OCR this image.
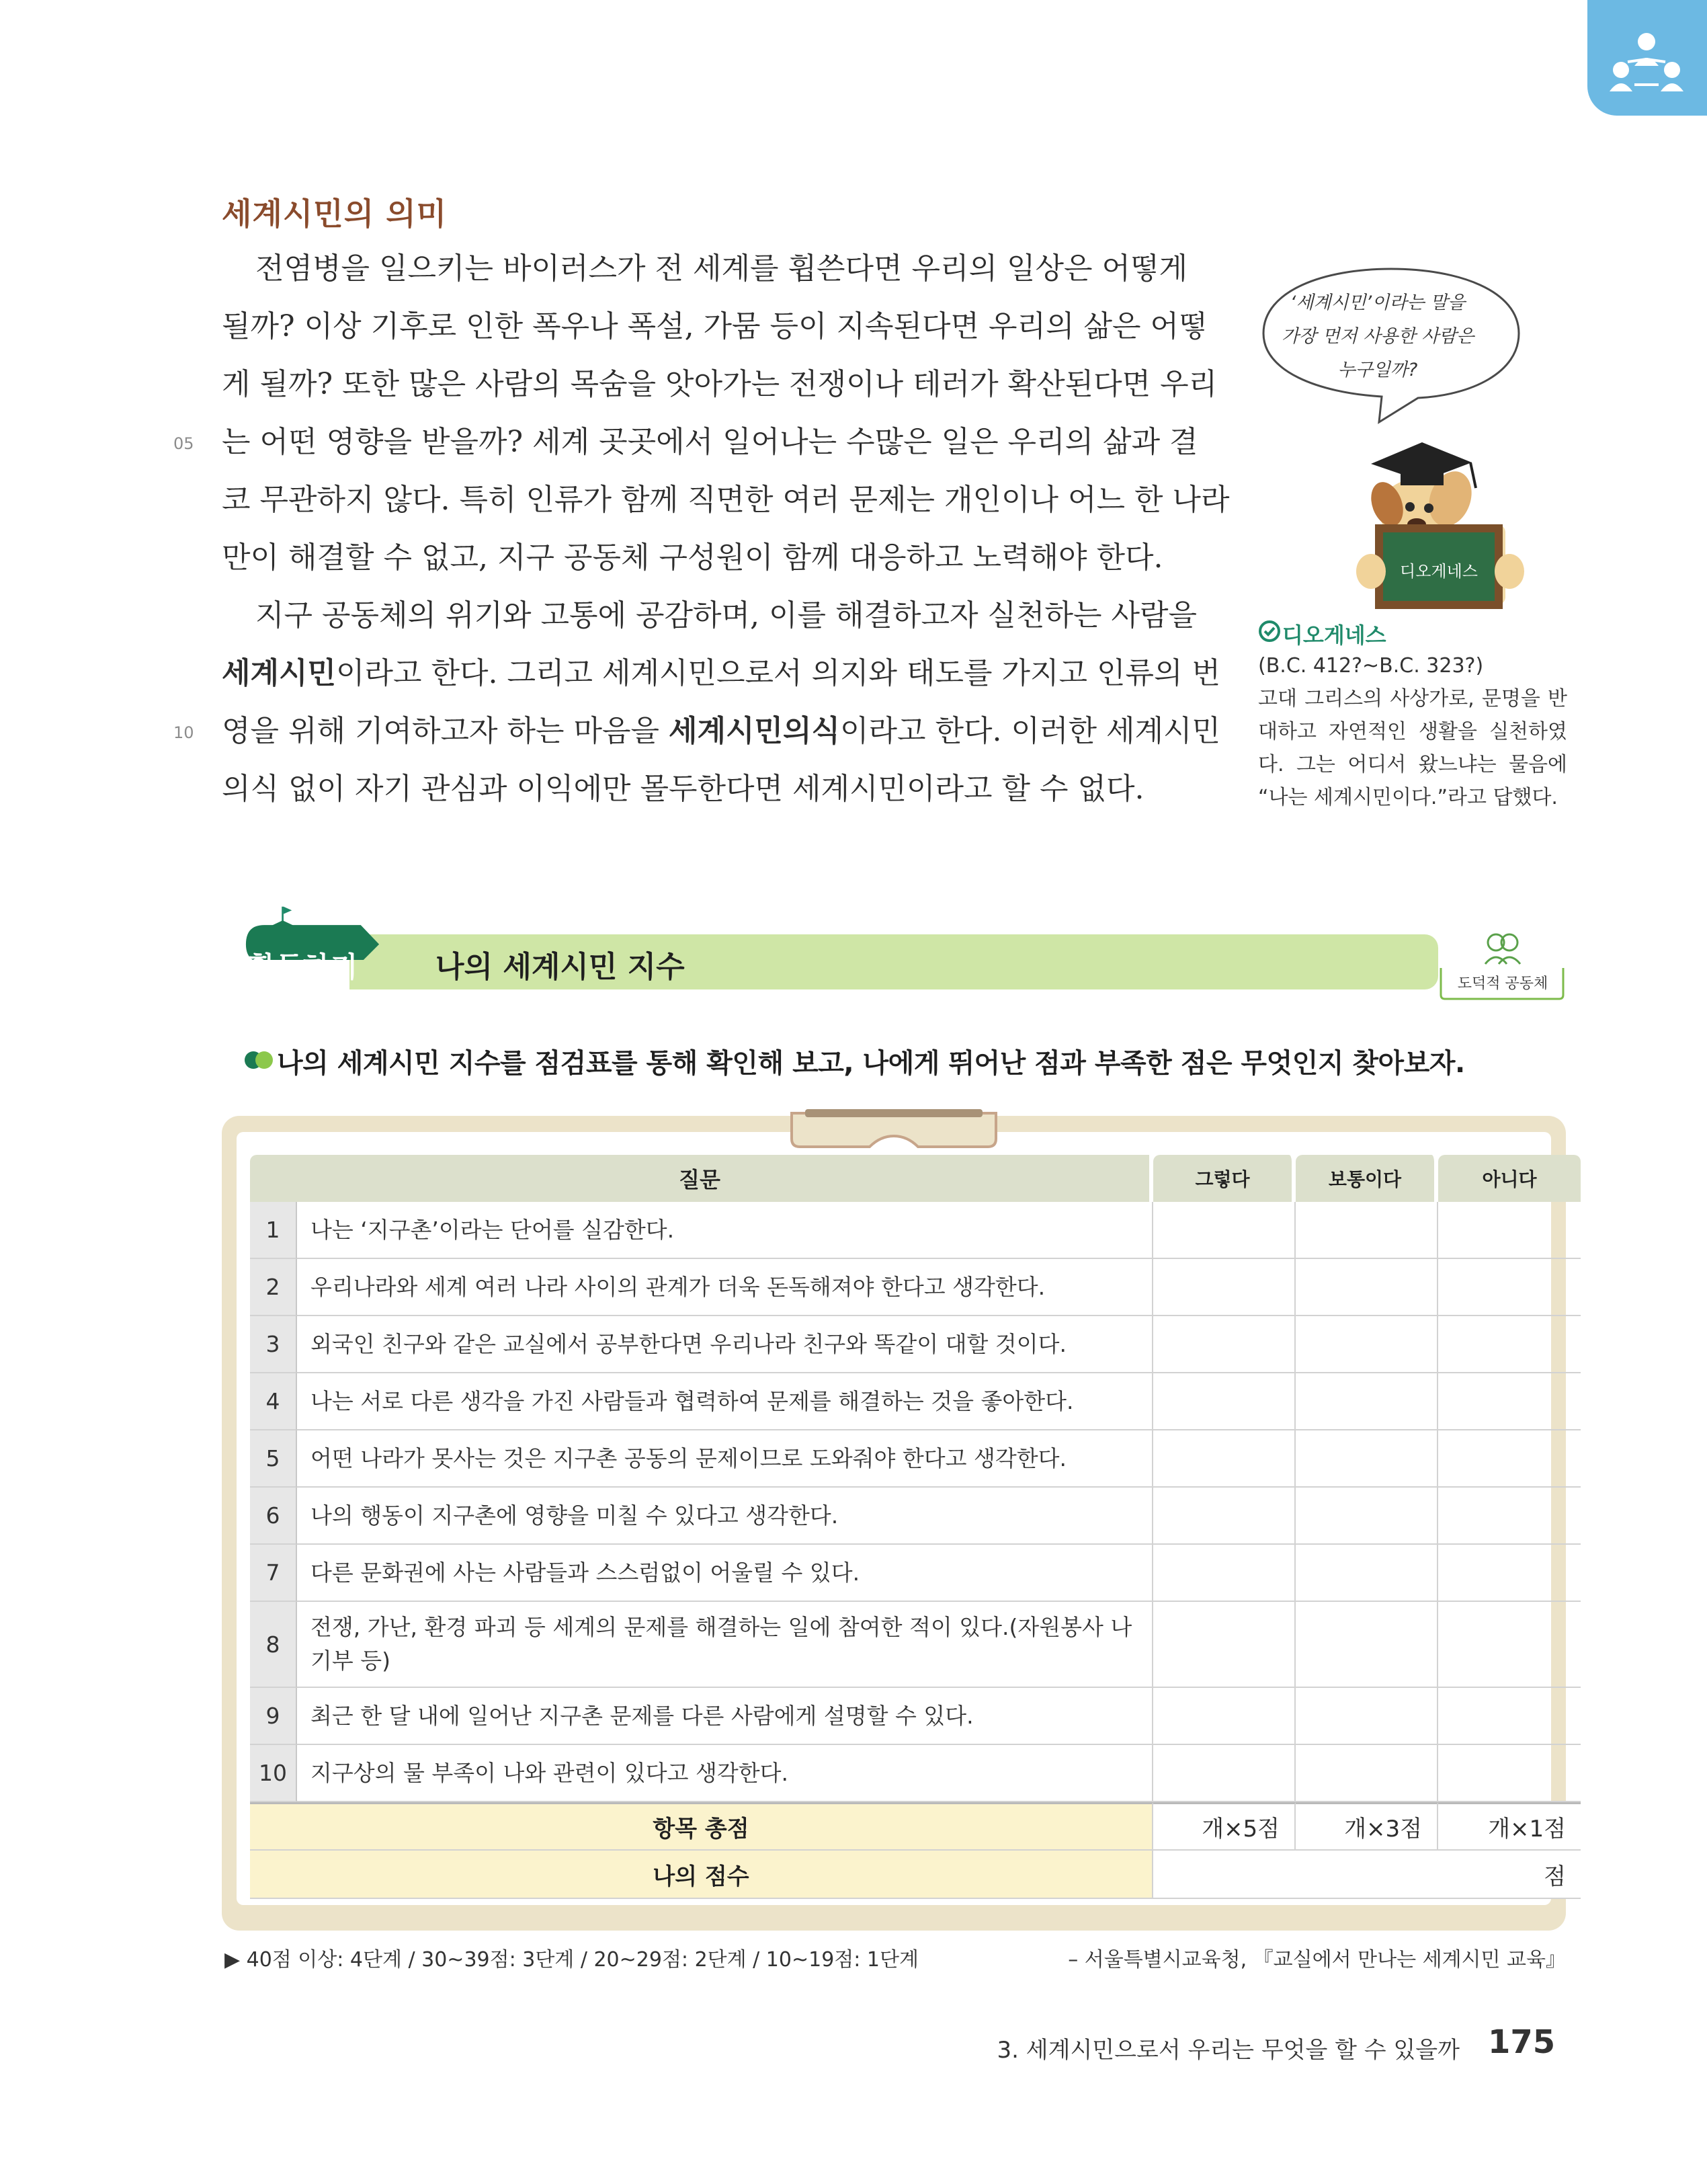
세계시민의 의미
전염병을 일으키는 바이러스가 전 세계를 휩쓴다면 우리의 일상은 어떻게
될까? 이상 기후로 인한 폭우나 폭설, 가뭄 등이 지속된다면 우리의 삶은 어떻
게 될까? 또한 많은 사람의 목숨을 앗아가는 전쟁이나 테러가 확산된다면 우리
는 어떤 영향을 받을까? 세계 곳곳에서 일어나는 수많은 일은 우리의 삶과 결
코 무관하지 않다. 특히 인류가 함께 직면한 여러 문제는 개인이나 어느 한 나라
만이 해결할 수 없고, 지구 공동체 구성원이 함께 대응하고 노력해야 한다.
지구 공동체의 위기와 고통에 공감하며, 이를 해결하고자 실천하는 사람을
세계시민이라고 한다. 그리고 세계시민으로서 의지와 태도를 가지고 인류의 번
영을 위해 기여하고자 하는 마음을 세계시민의식이라고 한다. 이러한 세계시민
의식 없이 자기 관심과 이익에만 몰두한다면 세계시민이라고 할 수 없다.
05
10
‘세계시민’이라는 말을
가장 먼저 사용한 사람은
누구일까?
디오게네스
디오게네스
(B.C. 412?~B.C. 323?)
고대 그리스의 사상가로, 문명을 반
대하고 자연적인 생활을 실천하였
다. 그는 어디서 왔느냐는 물음에
“나는 세계시민이다.”라고 답했다.
활동하기	나의 세계시민 지수	도덕적 공동체
나의 세계시민 지수를 점검표를 통해 확인해 보고, 나에게 뛰어난 점과 부족한 점은 무엇인지 찾아보자.
질문		그렇다	보통이다	아니다
1	나는 ‘지구촌’이라는 단어를 실감한다.			
2	우리나라와 세계 여러 나라 사이의 관계가 더욱 돈독해져야 한다고 생각한다.			
3	외국인 친구와 같은 교실에서 공부한다면 우리나라 친구와 똑같이 대할 것이다.			
4	나는 서로 다른 생각을 가진 사람들과 협력하여 문제를 해결하는 것을 좋아한다.			
5	어떤 나라가 못사는 것은 지구촌 공동의 문제이므로 도와줘야 한다고 생각한다.			
6	나의 행동이 지구촌에 영향을 미칠 수 있다고 생각한다.			
7	다른 문화권에 사는 사람들과 스스럼없이 어울릴 수 있다.			
8	전쟁, 가난, 환경 파괴 등 세계의 문제를 해결하는 일에 참여한 적이 있다.(자원봉사 나 기부 등)			
9	최근 한 달 내에 일어난 지구촌 문제를 다른 사람에게 설명할 수 있다.			
10	지구상의 물 부족이 나와 관련이 있다고 생각한다.			
항목 총점		개×5점	개×3점	개×1점
나의 점수		점		
▶ 40점 이상: 4단계 / 30~39점: 3단계 / 20~29점: 2단계 / 10~19점: 1단계	– 서울특별시교육청, 『교실에서 만나는 세계시민 교육』
3. 세계시민으로서 우리는 무엇을 할 수 있을까 175
